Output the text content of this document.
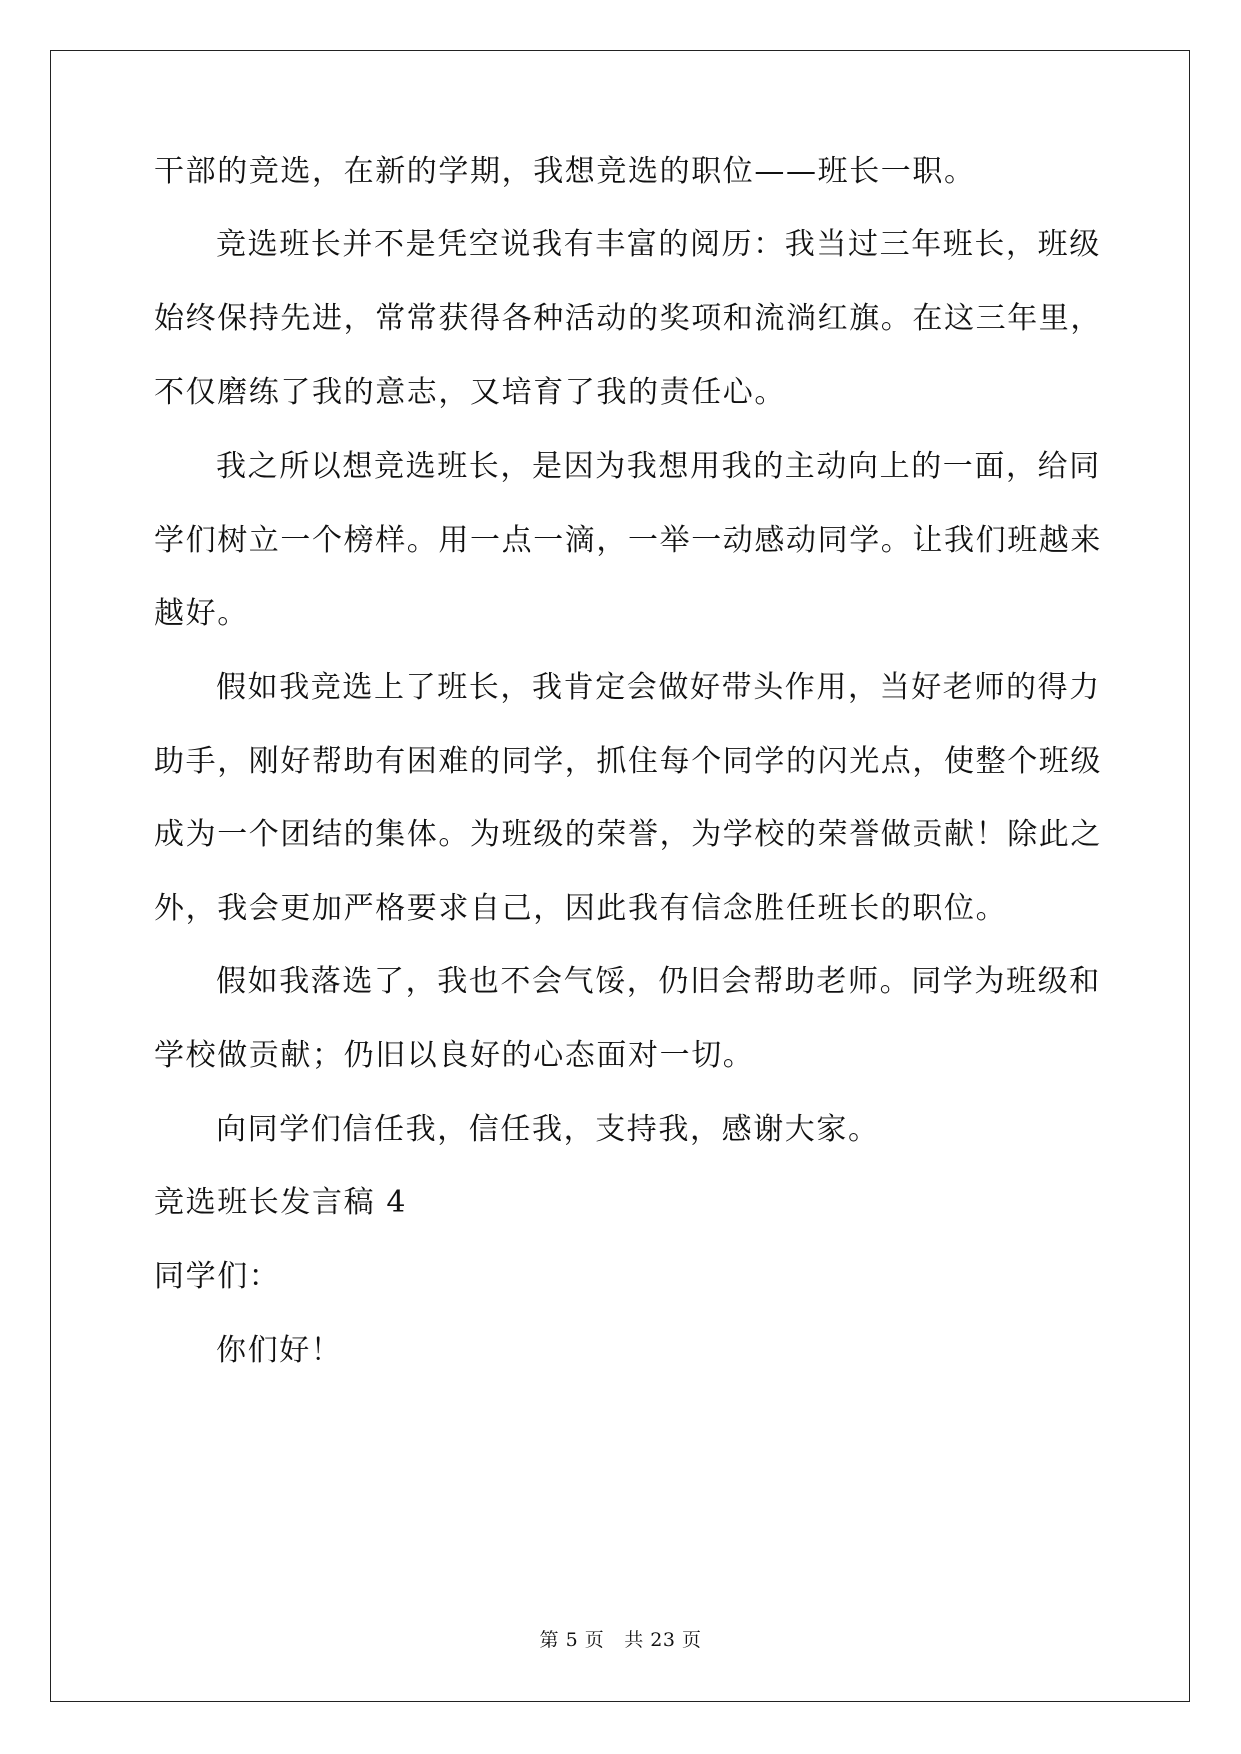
干部的竞选，在新的学期，我想竞选的职位——班长一职。
竞选班长并不是凭空说我有丰富的阅历：我当过三年班长，班级
始终保持先进，常常获得各种活动的奖项和流淌红旗。在这三年里，
不仅磨练了我的意志，又培育了我的责任心。
我之所以想竞选班长，是因为我想用我的主动向上的一面，给同
学们树立一个榜样。用一点一滴，一举一动感动同学。让我们班越来
越好。
假如我竞选上了班长，我肯定会做好带头作用，当好老师的得力
助手，刚好帮助有困难的同学，抓住每个同学的闪光点，使整个班级
成为一个团结的集体。为班级的荣誉，为学校的荣誉做贡献！除此之
外，我会更加严格要求自己，因此我有信念胜任班长的职位。
假如我落选了，我也不会气馁，仍旧会帮助老师。同学为班级和
学校做贡献；仍旧以良好的心态面对一切。
向同学们信任我，信任我，支持我，感谢大家。
竞选班长发言稿 4
同学们：
你们好！
第 5 页 共 23 页
